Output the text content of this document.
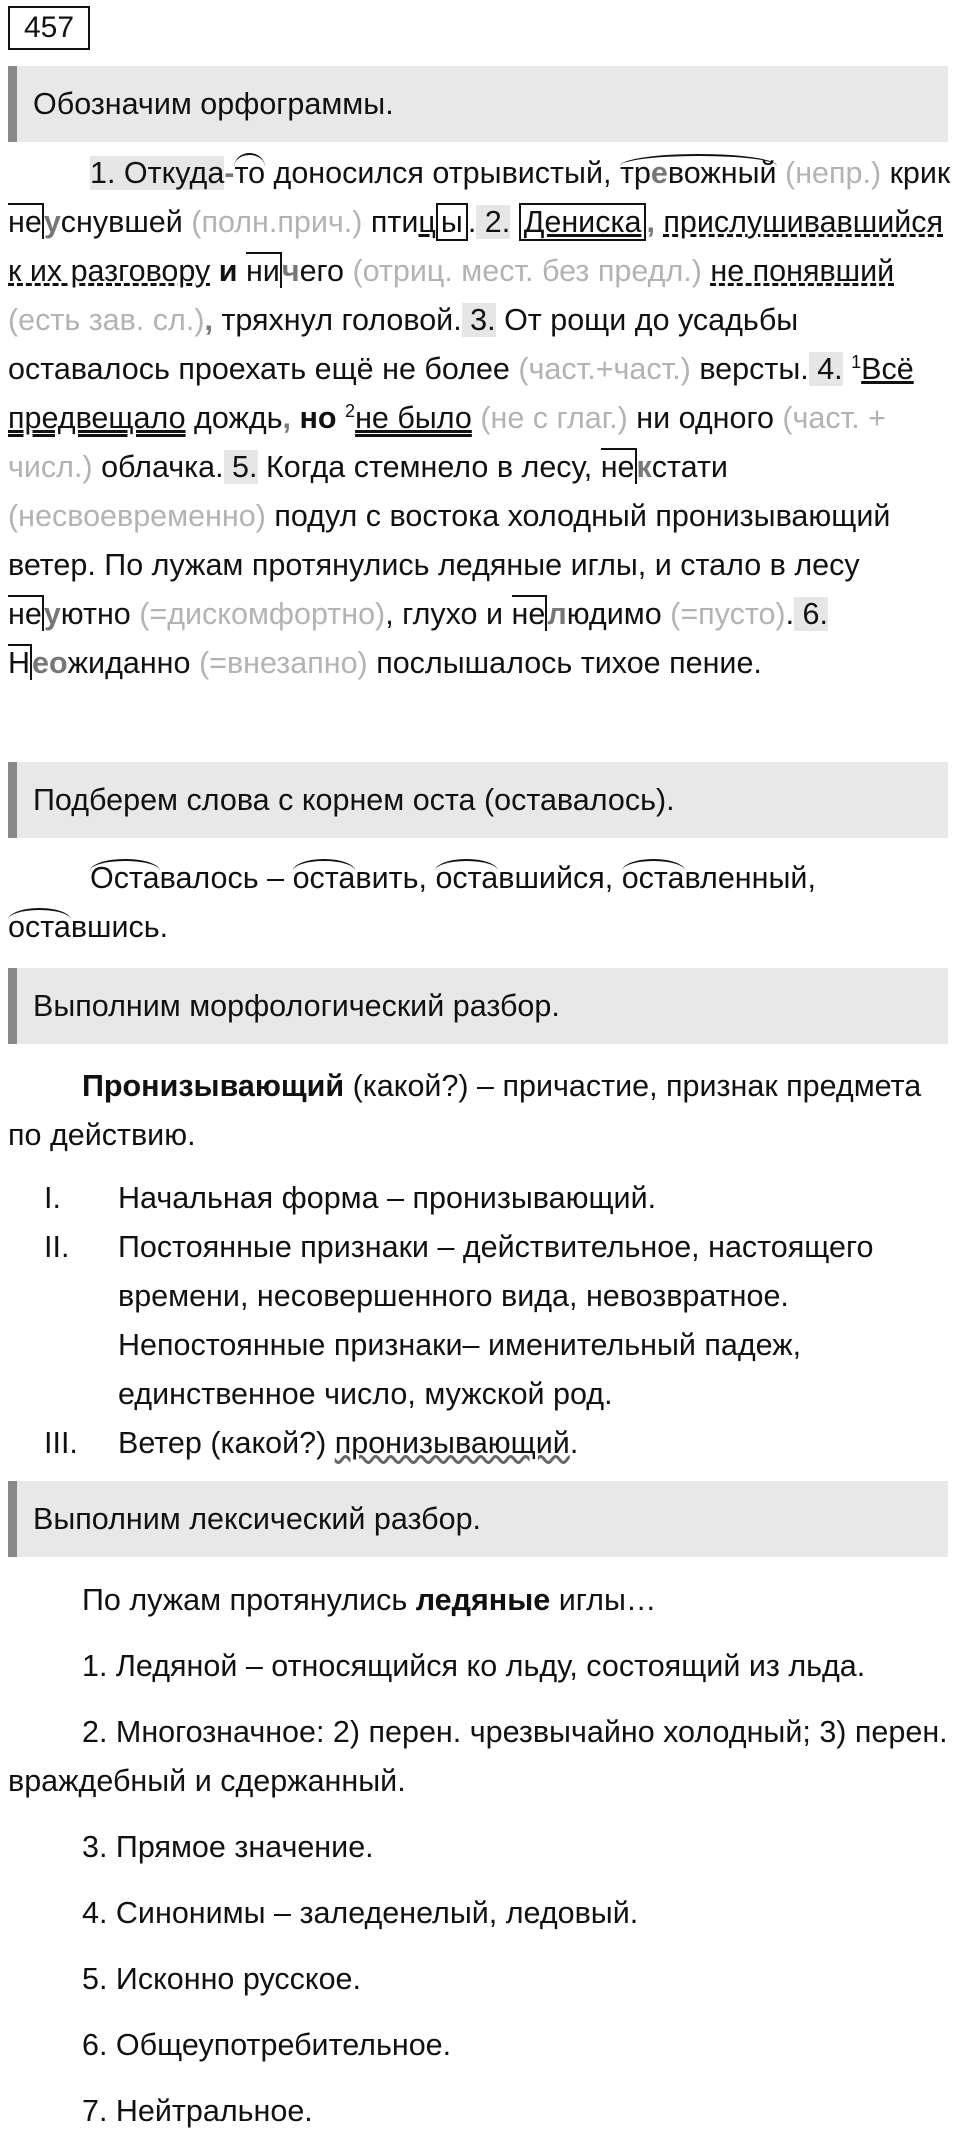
457
Обозначим орфограммы.

1. Откуда-то доносился отрывистый, тревожный (непр.) крик неуснувшей (полн.прич.) птиц ы . 2. Дениска , прислушивавшийся к их разговору и ничего (отриц. мест. без предл.) не понявший (есть зав. сл.), тряхнул головой. 3. От рощи до усадьбы оставалось проехать ещё не более (част.+част.) версты. 4. $^1$Всё предвещало дождь, но $^2$не было (не с глаг.) ни одного (част. + числ.) облачка. 5. Когда стемнело в лесу, некстати (несвоевременно) подул с востока холодный пронизывающий ветер. По лужам протянулись ледяные иглы, и стало в лесу неуютно (=дискомфортно), глухо и нелюдимо (=пусто). 6. Неожиданно (=внезапно) послышалось тихое пение.

Подберем слова с корнем оста (оставалось).

Оставалось – оставить, оставшийся, оставленный, оставшись.

Выполним морфологический разбор.

Пронизывающий (какой?) – причастие, признак предмета по действию.

I.	Начальная форма – пронизывающий.
II.	Постоянные признаки – действительное, настоящего времени, несовершенного вида, невозвратное.
Непостоянные признаки– именительный падеж, единственное число, мужской род.
III.	Ветер (какой?) пронизывающий.
Выполним лексический разбор.

По лужам протянулись ледяные иглы…

1. Ледяной – относящийся ко льду, состоящий из льда.

2. Многозначное: 2) перен. чрезвычайно холодный; 3) перен. враждебный и сдержанный.

3. Прямое значение.

4. Синонимы – заледенелый, ледовый.

5. Исконно русское.

6. Общеупотребительное.

7. Нейтральное.
